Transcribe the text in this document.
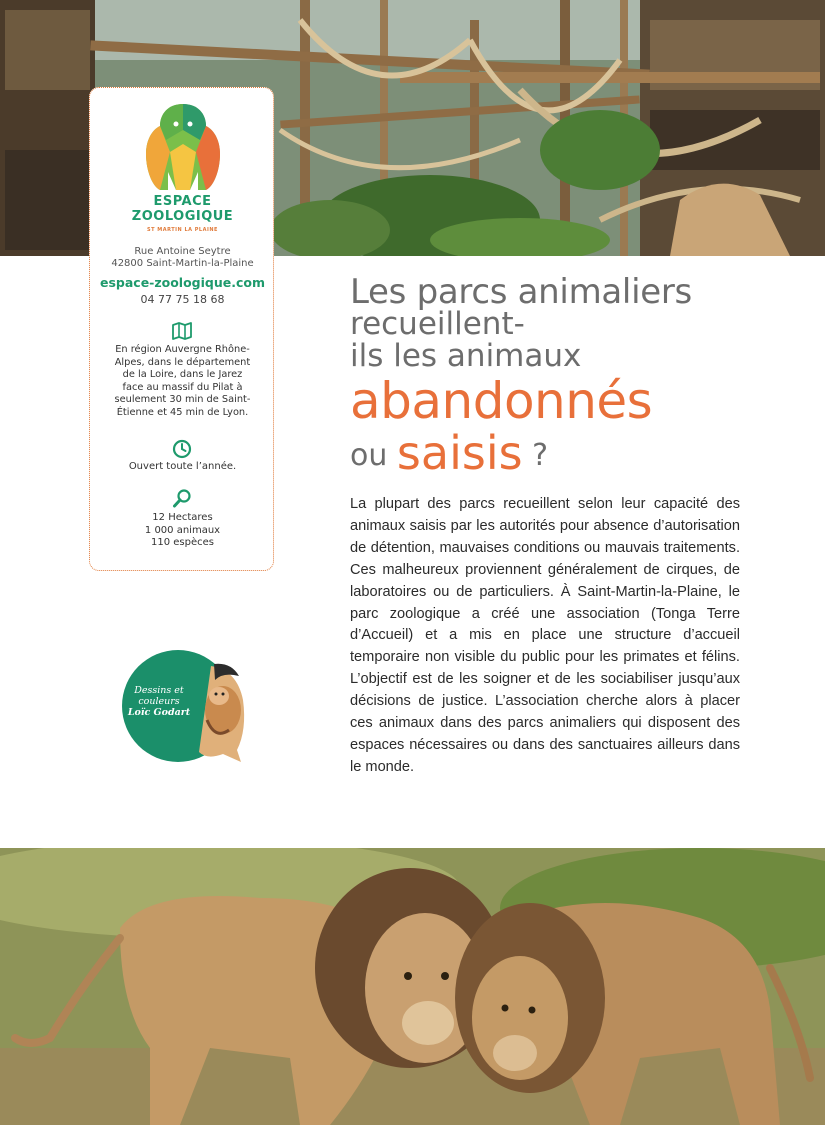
ESPACE
ZOOLOGIQUE
ST MARTIN LA PLAINE
Rue Antoine Seytre
42800 Saint-Martin-la-Plaine
espace-zoologique.com
04 77 75 18 68
En région Auvergne Rhône-
Alpes, dans le département
de la Loire, dans le Jarez
face au massif du Pilat à
seulement 30 min de Saint-
Étienne et 45 min de Lyon.
Ouvert toute l’année.
12 Hectares
1 000 animaux
110 espèces
Dessins et
couleurs
Loïc Godart
Les parcs animaliers
recueillent-
ils les animaux
abandonnés
ou saisis ?
La plupart des parcs recueillent selon leur capacité des animaux saisis par les autorités pour absence d’autorisation de détention, mauvaises conditions ou mauvais traitements. Ces malheureux proviennent généralement de cirques, de laboratoires ou de particuliers. À Saint-Martin-la-Plaine, le parc zoologique a créé une association (Tonga Terre d’Accueil) et a mis en place une structure d’accueil temporaire non visible du public pour les primates et félins. L’objectif est de les soigner et de les sociabiliser jusqu’aux décisions de justice. L’association cherche alors à placer ces animaux dans des parcs animaliers qui disposent des espaces nécessaires ou dans des sanctuaires ailleurs dans le monde.
